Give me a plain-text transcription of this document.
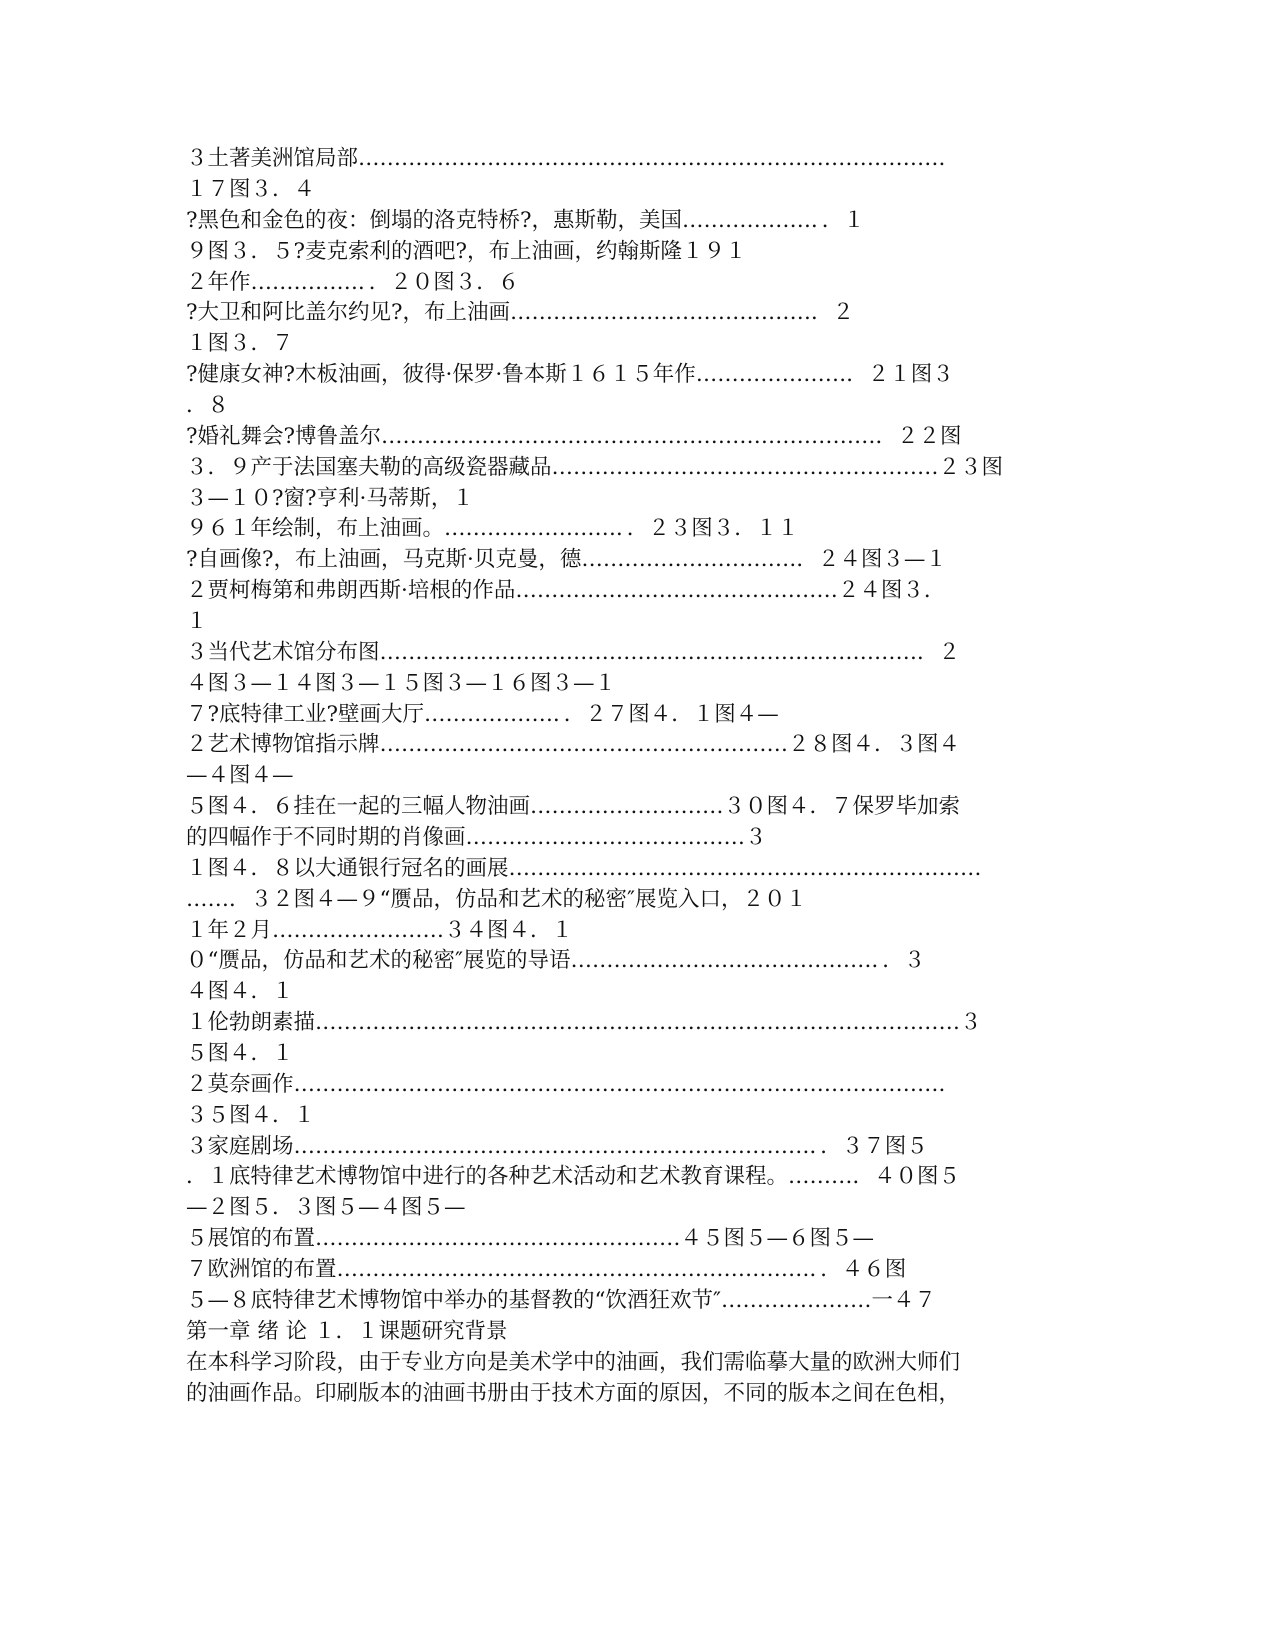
３土著美洲馆局部……………………………………………………………………….
１７图３．４
?黑色和金色的夜：倒塌的洛克特桥?，惠斯勒，美国………………．．１
９图３．５?麦克索利的酒吧?，布上油画，约翰斯隆１９１
２年作……………．．２０图３．６
?大卫和阿比盖尔约见?，布上油画……………………………………．２
１图３．７
?健康女神?木板油画，彼得·保罗·鲁本斯１６１５年作…………………．２１图３
．８
?婚礼舞会?博鲁盖尔……………………………………………………………．２２图
３．９产于法国塞夫勒的高级瓷器藏品………………………………………………２３图
３—１０?窗?亨利·马蒂斯，１
９６１年绘制，布上油画。……………………．．２３图３．１１
?自画像?，布上油画，马克斯·贝克曼，德…………………………．２４图３—１
２贾柯梅第和弗朗西斯·培根的作品………………………………………２４图３．
１
３当代艺术馆分布图…………………………………………………………………．２
４图３—１４图３—１５图３—１６图３—１
７?底特律工业?壁画大厅………………．．２７图４．１图４—
２艺术博物馆指示牌…………………………………………………２８图４．３图４
—４图４—
５图４．６挂在一起的三幅人物油画………………………３０图４．７保罗毕加索
的四幅作于不同时期的肖像画…………………………………３
１图４．８以大通银行冠名的画展…………………………………………………………
……．３２图４—９“赝品，仿品和艺术的秘密″展览入口，２０１
１年２月……………………３４图４．１
０“赝品，仿品和艺术的秘密″展览的导语……………………………………．．３
４图４．１
１伦勃朗素描………………………………………………………………………………３
５图４．１
２莫奈画作……………………………………………………………………………….
３５图４．１
３家庭剧场………………………………………………………………．．３７图５
．１底特律艺术博物馆中进行的各种艺术活动和艺术教育课程。………．４０图５
—２图５．３图５—４图５—
５展馆的布置……………………………………………４５图５—６图５—
７欧洲馆的布置…………………………………………………………．．４６图
５—８底特律艺术博物馆中举办的基督教的“饮酒狂欢节″…………………一４７
第一章 绪 论 １．１课题研究背景
在本科学习阶段，由于专业方向是美术学中的油画，我们需临摹大量的欧洲大师们
的油画作品。印刷版本的油画书册由于技术方面的原因，不同的版本之间在色相，
